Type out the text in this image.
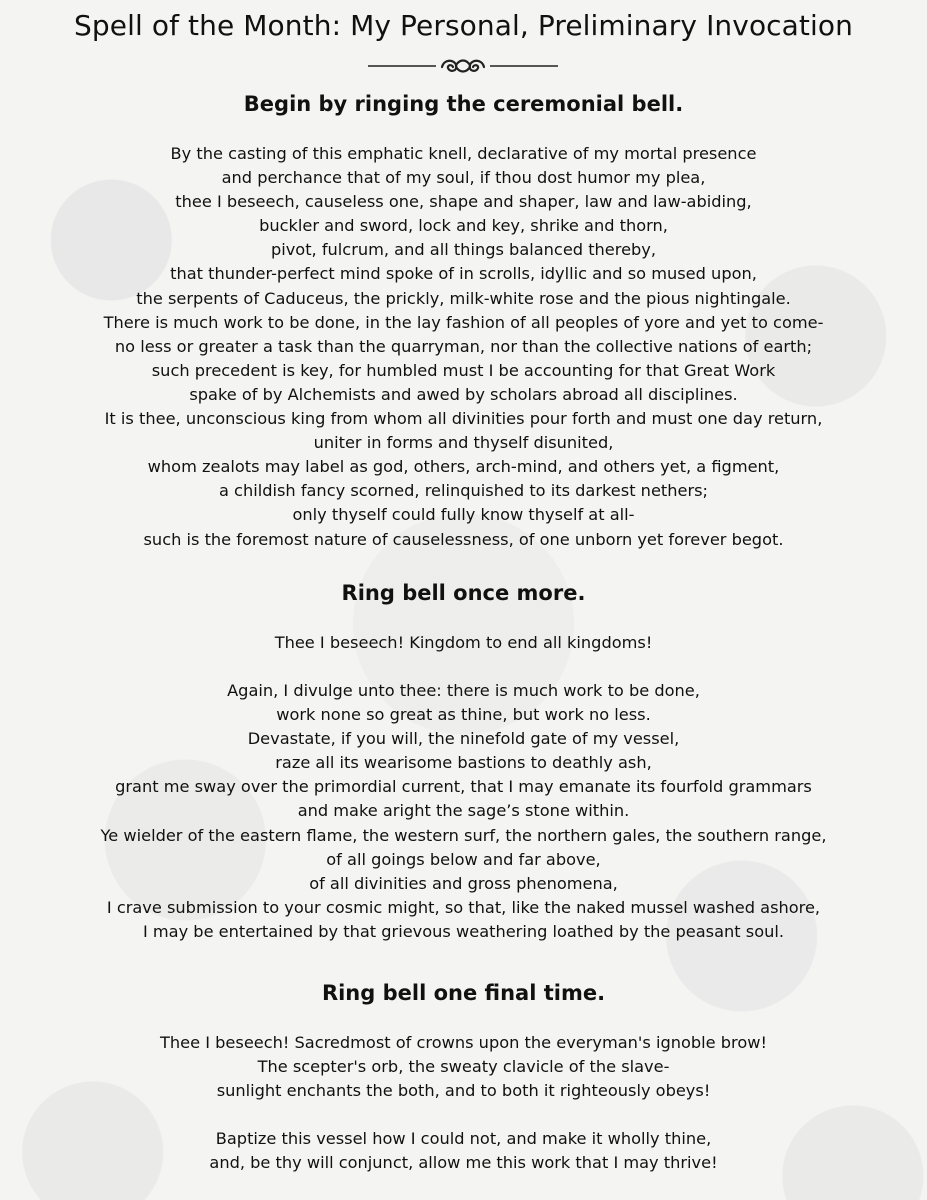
Spell of the Month: My Personal, Preliminary Invocation
Begin by ringing the ceremonial bell.

By the casting of this emphatic knell, declarative of my mortal presence
and perchance that of my soul, if thou dost humor my plea,
thee I beseech, causeless one, shape and shaper, law and law-abiding,
buckler and sword, lock and key, shrike and thorn,
pivot, fulcrum, and all things balanced thereby,
that thunder-perfect mind spoke of in scrolls, idyllic and so mused upon,
the serpents of Caduceus, the prickly, milk-white rose and the pious nightingale.
There is much work to be done, in the lay fashion of all peoples of yore and yet to come-
no less or greater a task than the quarryman, nor than the collective nations of earth;
such precedent is key, for humbled must I be accounting for that Great Work
spake of by Alchemists and awed by scholars abroad all disciplines.
It is thee, unconscious king from whom all divinities pour forth and must one day return,
uniter in forms and thyself disunited,
whom zealots may label as god, others, arch-mind, and others yet, a figment,
a childish fancy scorned, relinquished to its darkest nethers;
only thyself could fully know thyself at all-
such is the foremost nature of causelessness, of one unborn yet forever begot.

Ring bell once more.

Thee I beseech! Kingdom to end all kingdoms!

Again, I divulge unto thee: there is much work to be done,
work none so great as thine, but work no less.
Devastate, if you will, the ninefold gate of my vessel,
raze all its wearisome bastions to deathly ash,
grant me sway over the primordial current, that I may emanate its fourfold grammars
and make aright the sage’s stone within.
Ye wielder of the eastern flame, the western surf, the northern gales, the southern range,
of all goings below and far above,
of all divinities and gross phenomena,
I crave submission to your cosmic might, so that, like the naked mussel washed ashore,
I may be entertained by that grievous weathering loathed by the peasant soul.

Ring bell one final time.

Thee I beseech! Sacredmost of crowns upon the everyman's ignoble brow!
The scepter's orb, the sweaty clavicle of the slave-
sunlight enchants the both, and to both it righteously obeys!

Baptize this vessel how I could not, and make it wholly thine,
and, be thy will conjunct, allow me this work that I may thrive!
